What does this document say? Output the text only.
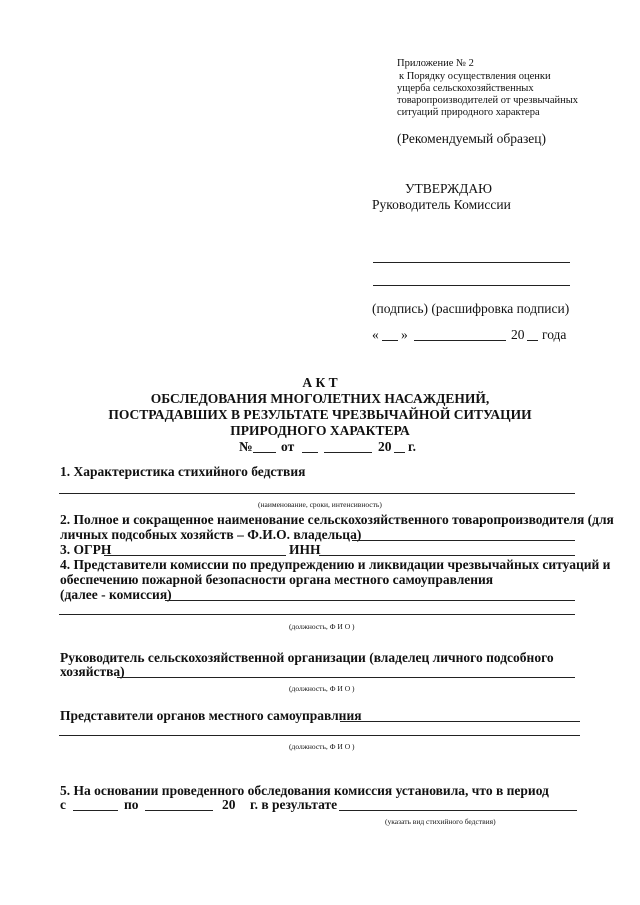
Приложение № 2
к Порядку осуществления оценки
ущерба сельскохозяйственных
товаропроизводителей от чрезвычайных
ситуаций природного характера
(Рекомендуемый образец)
УТВЕРЖДАЮ
Руководитель Комиссии
(подпись) (расшифровка подписи)
« »	20 года
А К Т
ОБСЛЕДОВАНИЯ МНОГОЛЕТНИХ НАСАЖДЕНИЙ,
ПОСТРАДАВШИХ В РЕЗУЛЬТАТЕ ЧРЕЗВЫЧАЙНОЙ СИТУАЦИИ
ПРИРОДНОГО ХАРАКТЕРА
№ от	20 г.
1. Характеристика стихийного бедствия
(наименование, сроки, интенсивность)
2. Полное и сокращенное наименование сельскохозяйственного товаропроизводителя (для
личных подсобных хозяйств – Ф.И.О. владельца)
3. ОГРН	ИНН
4. Представители комиссии по предупреждению и ликвидации чрезвычайных ситуаций и
обеспечению пожарной безопасности органа местного самоуправления
(далее - комиссия)
(должность, Ф И О )
Руководитель сельскохозяйственной организации (владелец личного подсобного
хозяйства)
(должность, Ф И О )
Представители органов местного самоуправлния
(должность, Ф И О )
5. На основании проведенного обследования комиссия установила, что в период
с	по	20 г. в результате
(указать вид стихийного бедствия)
